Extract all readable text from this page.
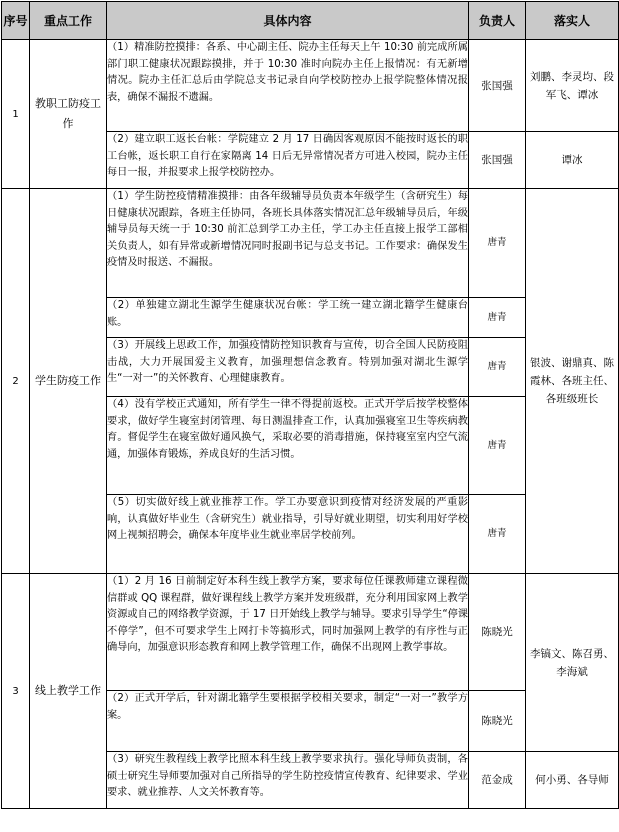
序号	重点工作	具体内容	负责人	落实人
1	教职工防疫工作	（1）精准防控摸排：各系、中心副主任、院办主任每天上午 10:30 前完成所属部门职工健康状况跟踪摸排，并于 10:30 准时向院办主任上报情况：有无新增情况。院办主任汇总后由学院总支书记录自向学校防控办上报学院整体情况报表，确保不漏报不遗漏。	张国强	刘鹏、李灵均、段军飞、谭冰
		（2）建立职工返长台帐：学院建立 2 月 17 日确因客观原因不能按时返长的职工台帐，返长职工自行在家隔离 14 日后无异常情况者方可进入校园，院办主任每日一报，并报要求上报学校防控办。	张国强	谭冰
2	学生防疫工作	（1）学生防控疫情精准摸排：由各年级辅导员负责本年级学生（含研究生）每日健康状况跟踪，各班主任协同，各班长具体落实情况汇总年级辅导员后，年级辅导员每天统一于 10:30 前汇总到学工办主任，学工办主任直接上报学工部相关负责人，如有异常或新增情况同时报副书记与总支书记。工作要求：确保发生疫情及时报送、不漏报。	唐青	银波、谢鼎真、陈霞林、各班主任、各班级班长
		（2）单独建立湖北生源学生健康状况台帐：学工统一建立湖北籍学生健康台账。	唐青	
		（3）开展线上思政工作，加强疫情防控知识教育与宣传，切合全国人民防疫阻击战，大力开展国爱主义教育，加强理想信念教育。特别加强对湖北生源学生“一对一”的关怀教育、心理健康教育。	唐青	
		（4）没有学校正式通知，所有学生一律不得提前返校。正式开学后按学校整体要求，做好学生寝室封闭管理、每日测温排查工作，认真加强寝室卫生等疾病教育。督促学生在寝室做好通风换气，采取必要的消毒措施，保持寝室室内空气流通，加强体育锻炼，养成良好的生活习惯。	唐青	
		（5）切实做好线上就业推荐工作。学工办要意识到疫情对经济发展的严重影响，认真做好毕业生（含研究生）就业指导，引导好就业期望，切实利用好学校网上视频招聘会，确保本年度毕业生就业率居学校前列。	唐青	
3	线上教学工作	（1）2 月 16 日前制定好本科生线上教学方案，要求每位任课教师建立课程微信群或 QQ 课程群，做好课程线上教学方案并发班级群，充分利用国家网上教学资源或自己的网络教学资源，于 17 日开始线上教学与辅导。要求引导学生“停课不停学”，但不可要求学生上网打卡等搞形式，同时加强网上教学的有序性与正确导向，加强意识形态教育和网上教学管理工作，确保不出现网上教学事故。	陈晓光	李镐文、陈召勇、李海斌
		（2）正式开学后，针对湖北籍学生要根据学校相关要求，制定“一对一”教学方案。	陈晓光	
		（3）研究生教程线上教学比照本科生线上教学要求执行。强化导师负责制，各硕士研究生导师要加强对自己所指导的学生防控疫情宣传教育、纪律要求、学业要求、就业推荐、人文关怀教育等。	范金成	何小勇、各导师
